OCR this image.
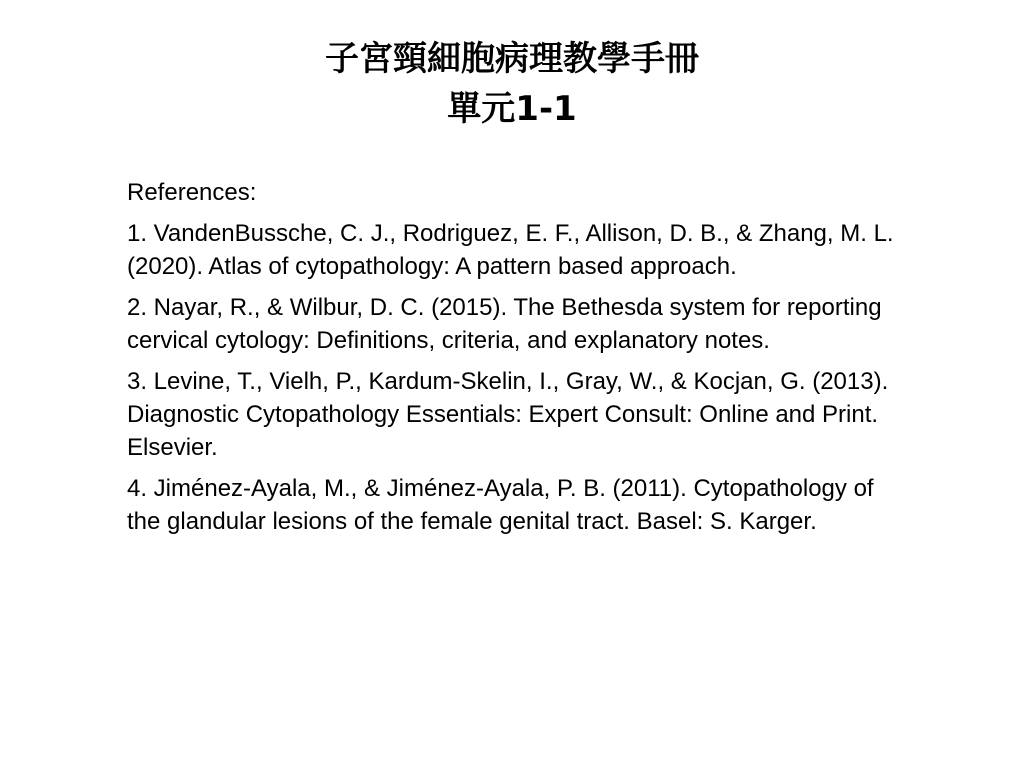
子宮頸細胞病理教學手冊
單元1-1

References:

1. VandenBussche, C. J., Rodriguez, E. F., Allison, D. B., & Zhang, M. L. (2020). Atlas of cytopathology: A pattern based approach.

2. Nayar, R., & Wilbur, D. C. (2015). The Bethesda system for reporting cervical cytology: Definitions, criteria, and explanatory notes.

3. Levine, T., Vielh, P., Kardum-Skelin, I., Gray, W., & Kocjan, G. (2013). Diagnostic Cytopathology Essentials: Expert Consult: Online and Print. Elsevier.

4. Jiménez-Ayala, M., & Jiménez-Ayala, P. B. (2011). Cytopathology of the glandular lesions of the female genital tract. Basel: S. Karger.
